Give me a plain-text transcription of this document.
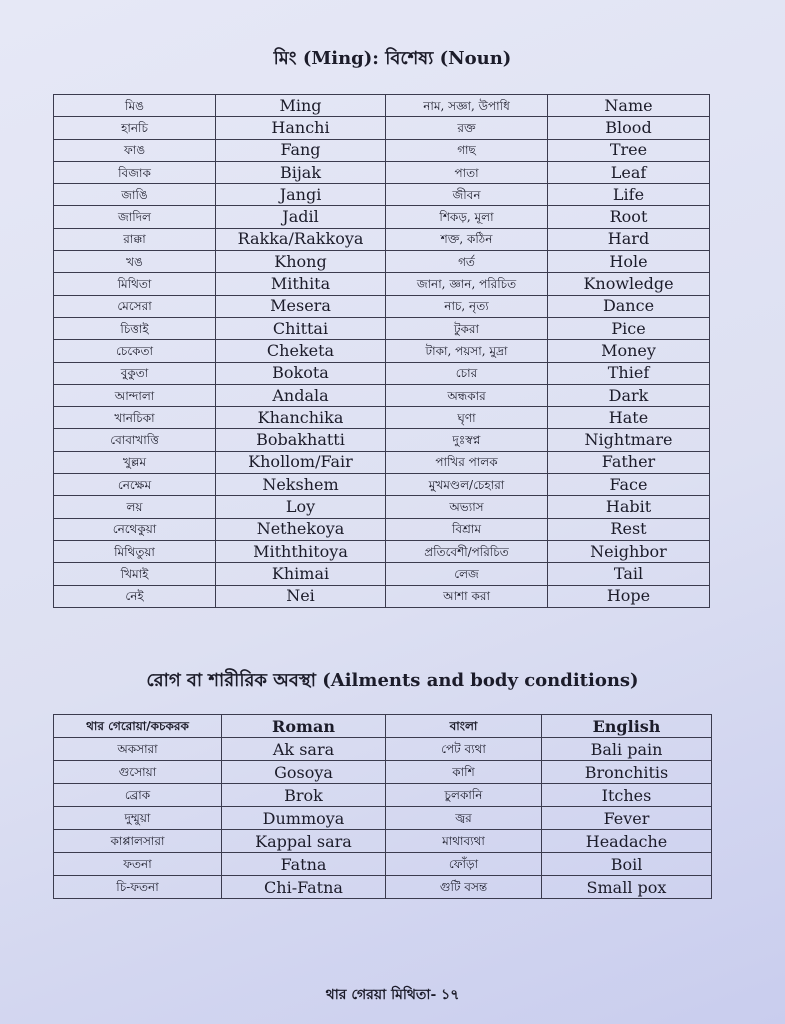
মিং (Ming): বিশেষ্য (Noun)
মিঙ	Ming	নাম, সজ্ঞা, উপাধি	Name
হানচি	Hanchi	রক্ত	Blood
ফাঙ	Fang	গাছ	Tree
বিজাক	Bijak	পাতা	Leaf
জাঙি	Jangi	জীবন	Life
জাদিল	Jadil	শিকড়, মূলা	Root
রাক্কা	Rakka/Rakkoya	শক্ত, কঠিন	Hard
খঙ	Khong	গর্ত	Hole
মিথিতা	Mithita	জানা, জ্ঞান, পরিচিত	Knowledge
মেসেরা	Mesera	নাচ, নৃত্য	Dance
চিত্তাই	Chittai	টুকরা	Pice
চেকেতা	Cheketa	টাকা, পয়সা, মুদ্রা	Money
বুকুতা	Bokota	চোর	Thief
আন্দালা	Andala	অন্ধকার	Dark
খানচিকা	Khanchika	ঘৃণা	Hate
বোবাখাত্তি	Bobakhatti	দুঃস্বপ্ন	Nightmare
খুল্লম	Khollom/Fair	পাখির পালক	Father
নেক্ষেম	Nekshem	মুখমণ্ডল/চেহারা	Face
লয়	Loy	অভ্যাস	Habit
নেথেকুয়া	Nethekoya	বিশ্রাম	Rest
মিথিতুয়া	Miththitoya	প্রতিবেশী/পরিচিত	Neighbor
খিমাই	Khimai	লেজ	Tail
নেই	Nei	আশা করা	Hope
রোগ বা শারীরিক অবস্থা (Ailments and body conditions)
থার গেরোয়া/কচকরক	Roman	বাংলা	English
অকসারা	Ak sara	পেট ব্যথা	Bali pain
গুসোয়া	Gosoya	কাশি	Bronchitis
ব্রোক	Brok	চুলকানি	Itches
দুম্মুয়া	Dummoya	জ্বর	Fever
কাপ্পালসারা	Kappal sara	মাথাব্যথা	Headache
ফতনা	Fatna	ফোঁড়া	Boil
চি-ফতনা	Chi-Fatna	গুটি বসন্ত	Small pox
থার গেরয়া মিথিতা- ১৭
